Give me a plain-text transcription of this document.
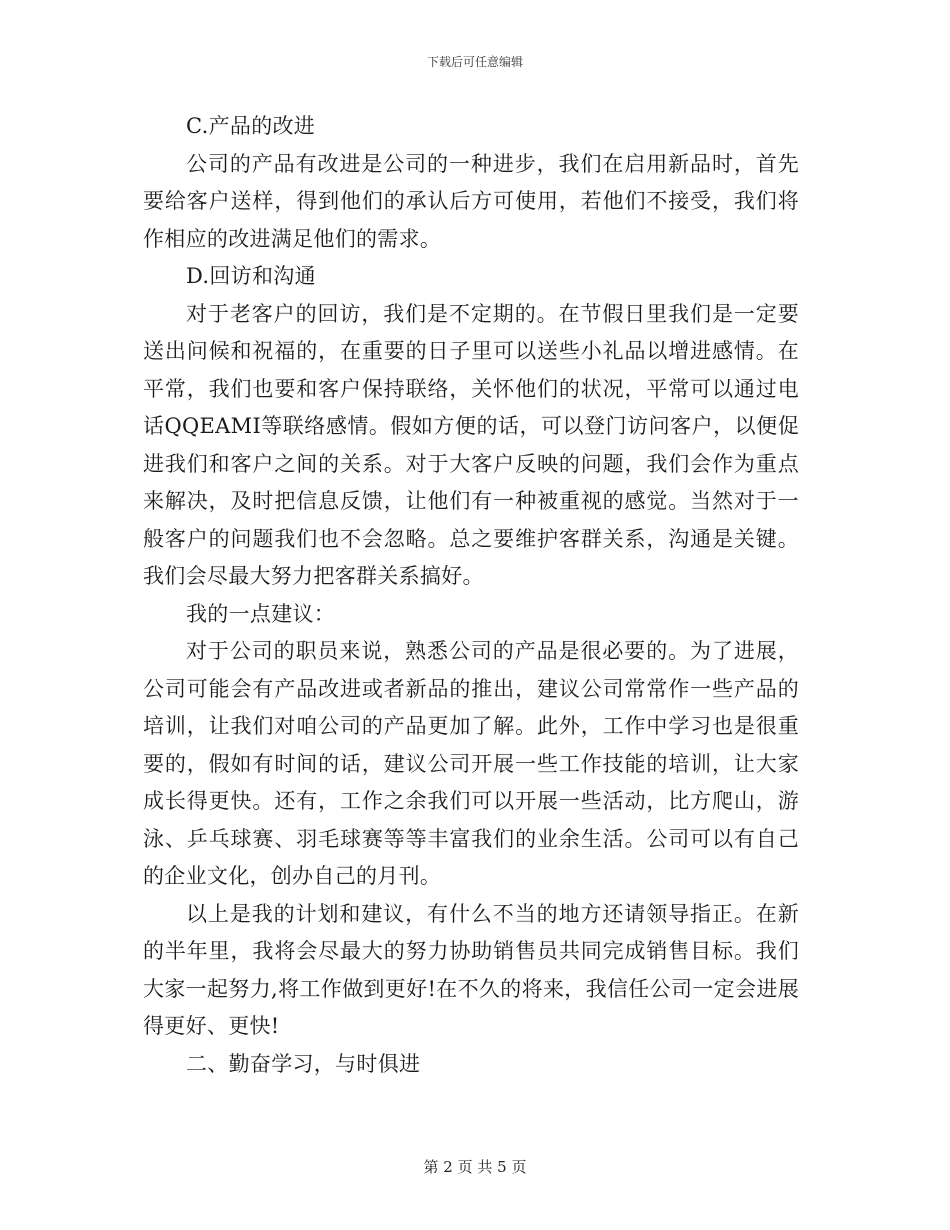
下载后可任意编辑

C.产品的改进

公司的产品有改进是公司的一种进步，我们在启用新品时，首先要给客户送样，得到他们的承认后方可使用，若他们不接受，我们将作相应的改进满足他们的需求。

D.回访和沟通

对于老客户的回访，我们是不定期的。在节假日里我们是一定要送出问候和祝福的，在重要的日子里可以送些小礼品以增进感情。在平常，我们也要和客户保持联络，关怀他们的状况，平常可以通过电话QQEAMI等联络感情。假如方便的话，可以登门访问客户，以便促进我们和客户之间的关系。对于大客户反映的问题，我们会作为重点来解决，及时把信息反馈，让他们有一种被重视的感觉。当然对于一般客户的问题我们也不会忽略。总之要维护客群关系，沟通是关键。我们会尽最大努力把客群关系搞好。

我的一点建议：

对于公司的职员来说，熟悉公司的产品是很必要的。为了进展，公司可能会有产品改进或者新品的推出，建议公司常常作一些产品的培训，让我们对咱公司的产品更加了解。此外，工作中学习也是很重要的，假如有时间的话，建议公司开展一些工作技能的培训，让大家成长得更快。还有，工作之余我们可以开展一些活动，比方爬山，游泳、乒乓球赛、羽毛球赛等等丰富我们的业余生活。公司可以有自己的企业文化，创办自己的月刊。

以上是我的计划和建议，有什么不当的地方还请领导指正。在新的半年里，我将会尽最大的努力协助销售员共同完成销售目标。我们大家一起努力,将工作做到更好!在不久的将来，我信任公司一定会进展得更好、更快!

二、勤奋学习，与时俱进

第 2 页 共 5 页
